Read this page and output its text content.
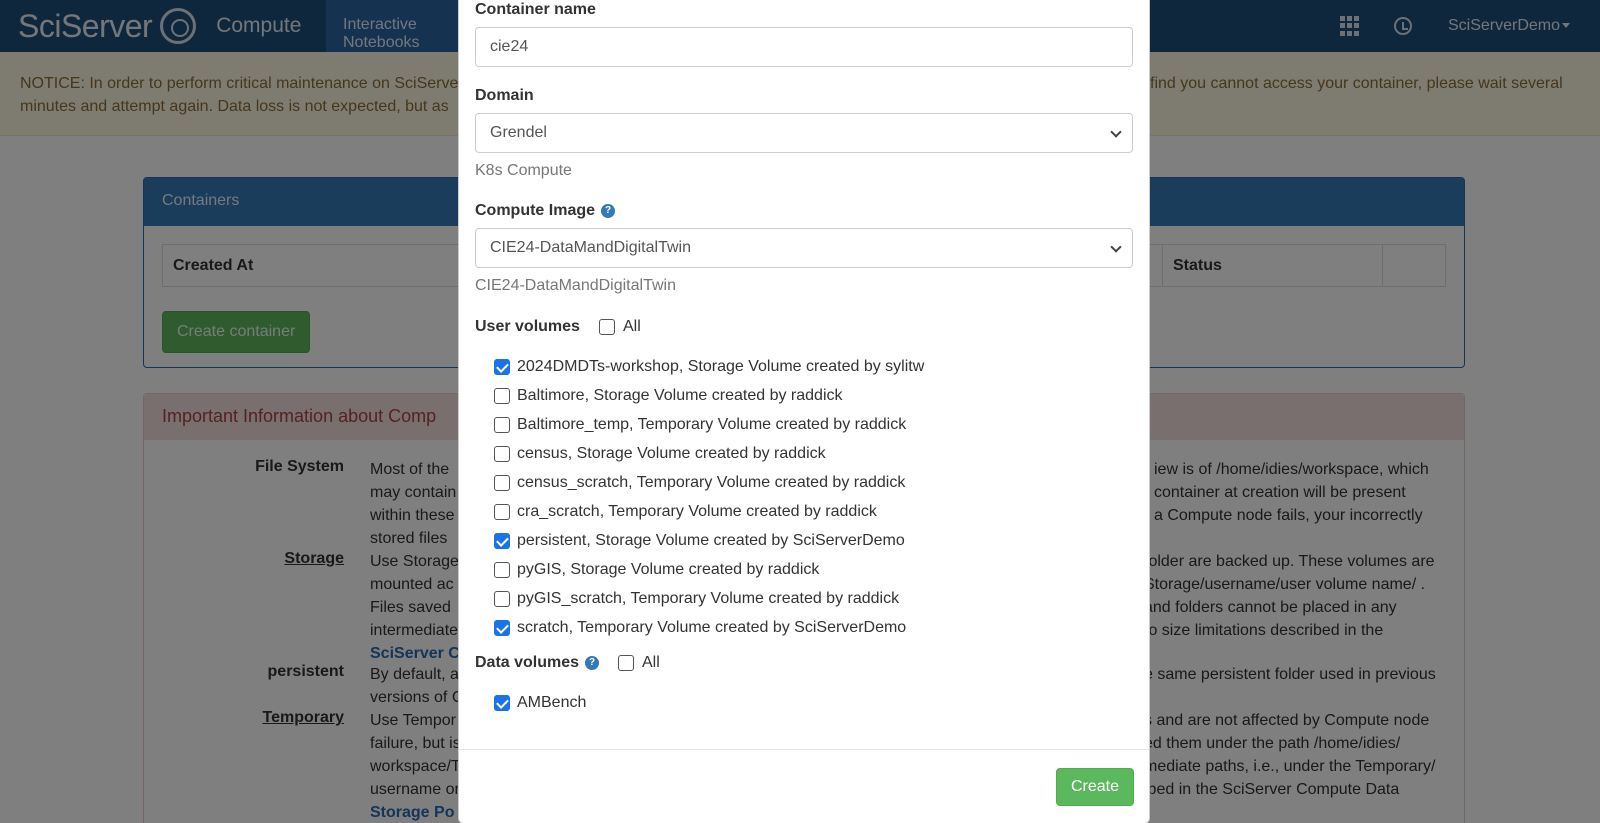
Container name
cie24
Domain
Grendel
K8s Compute
Compute Image ?
CIE24-DataMandDigitalTwin
CIE24-DataMandDigitalTwin
User volumes	All
2024DMDTs-workshop, Storage Volume created by sylitw
Baltimore, Storage Volume created by raddick
Baltimore_temp, Temporary Volume created by raddick
census, Storage Volume created by raddick
census_scratch, Temporary Volume created by raddick
cra_scratch, Temporary Volume created by raddick
persistent, Storage Volume created by SciServerDemo
pyGIS, Storage Volume created by raddick
pyGIS_scratch, Temporary Volume created by raddick
scratch, Temporary Volume created by SciServerDemo
Data volumes ?	All
AMBench
Create
